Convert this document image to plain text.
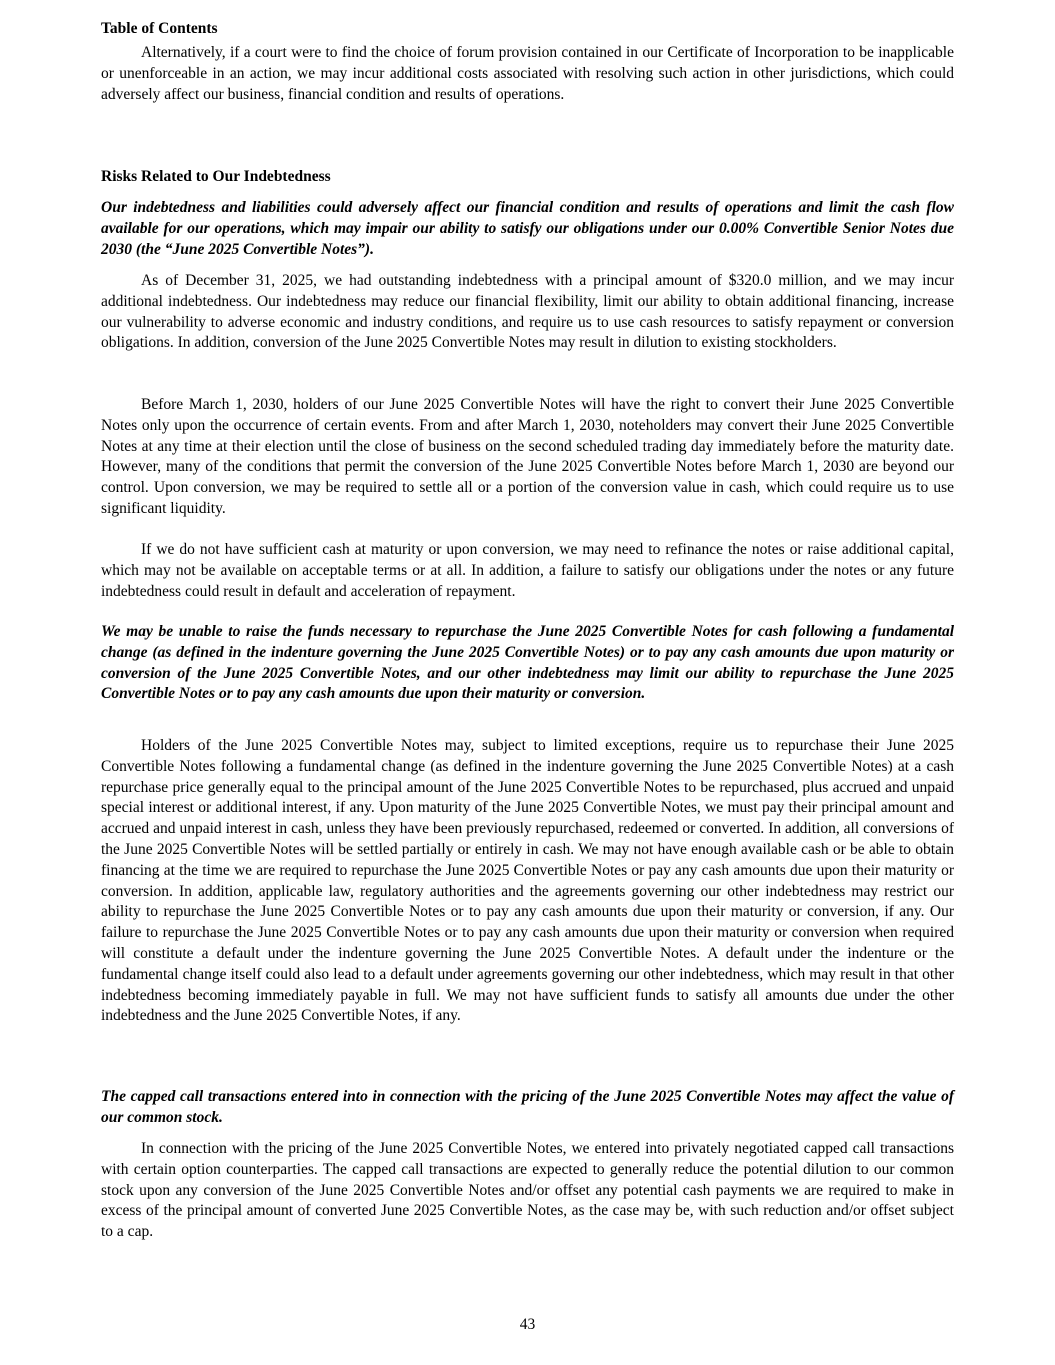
Table of Contents

Alternatively, if a court were to find the choice of forum provision contained in our Certificate of Incorporation to be inapplicable or unenforceable in an action, we may incur additional costs associated with resolving such action in other jurisdictions, which could adversely affect our business, financial condition and results of operations.

Risks Related to Our Indebtedness

Our indebtedness and liabilities could adversely affect our financial condition and results of operations and limit the cash flow available for our operations, which may impair our ability to satisfy our obligations under our 0.00% Convertible Senior Notes due 2030 (the “June 2025 Convertible Notes”).

As of December 31, 2025, we had outstanding indebtedness with a principal amount of $320.0 million, and we may incur additional indebtedness. Our indebtedness may reduce our financial flexibility, limit our ability to obtain additional financing, increase our vulnerability to adverse economic and industry conditions, and require us to use cash resources to satisfy repayment or conversion obligations. In addition, conversion of the June 2025 Convertible Notes may result in dilution to existing stockholders.

Before March 1, 2030, holders of our June 2025 Convertible Notes will have the right to convert their June 2025 Convertible Notes only upon the occurrence of certain events. From and after March 1, 2030, noteholders may convert their June 2025 Convertible Notes at any time at their election until the close of business on the second scheduled trading day immediately before the maturity date. However, many of the conditions that permit the conversion of the June 2025 Convertible Notes before March 1, 2030 are beyond our control. Upon conversion, we may be required to settle all or a portion of the conversion value in cash, which could require us to use significant liquidity.

If we do not have sufficient cash at maturity or upon conversion, we may need to refinance the notes or raise additional capital, which may not be available on acceptable terms or at all. In addition, a failure to satisfy our obligations under the notes or any future indebtedness could result in default and acceleration of repayment.

We may be unable to raise the funds necessary to repurchase the June 2025 Convertible Notes for cash following a fundamental change (as defined in the indenture governing the June 2025 Convertible Notes) or to pay any cash amounts due upon maturity or conversion of the June 2025 Convertible Notes, and our other indebtedness may limit our ability to repurchase the June 2025 Convertible Notes or to pay any cash amounts due upon their maturity or conversion.

Holders of the June 2025 Convertible Notes may, subject to limited exceptions, require us to repurchase their June 2025 Convertible Notes following a fundamental change (as defined in the indenture governing the June 2025 Convertible Notes) at a cash repurchase price generally equal to the principal amount of the June 2025 Convertible Notes to be repurchased, plus accrued and unpaid special interest or additional interest, if any. Upon maturity of the June 2025 Convertible Notes, we must pay their principal amount and accrued and unpaid interest in cash, unless they have been previously repurchased, redeemed or converted. In addition, all conversions of the June 2025 Convertible Notes will be settled partially or entirely in cash. We may not have enough available cash or be able to obtain financing at the time we are required to repurchase the June 2025 Convertible Notes or pay any cash amounts due upon their maturity or conversion. In addition, applicable law, regulatory authorities and the agreements governing our other indebtedness may restrict our ability to repurchase the June 2025 Convertible Notes or to pay any cash amounts due upon their maturity or conversion, if any. Our failure to repurchase the June 2025 Convertible Notes or to pay any cash amounts due upon their maturity or conversion when required will constitute a default under the indenture governing the June 2025 Convertible Notes. A default under the indenture or the fundamental change itself could also lead to a default under agreements governing our other indebtedness, which may result in that other indebtedness becoming immediately payable in full. We may not have sufficient funds to satisfy all amounts due under the other indebtedness and the June 2025 Convertible Notes, if any.

The capped call transactions entered into in connection with the pricing of the June 2025 Convertible Notes may affect the value of our common stock.

In connection with the pricing of the June 2025 Convertible Notes, we entered into privately negotiated capped call transactions with certain option counterparties. The capped call transactions are expected to generally reduce the potential dilution to our common stock upon any conversion of the June 2025 Convertible Notes and/or offset any potential cash payments we are required to make in excess of the principal amount of converted June 2025 Convertible Notes, as the case may be, with such reduction and/or offset subject to a cap.

43
